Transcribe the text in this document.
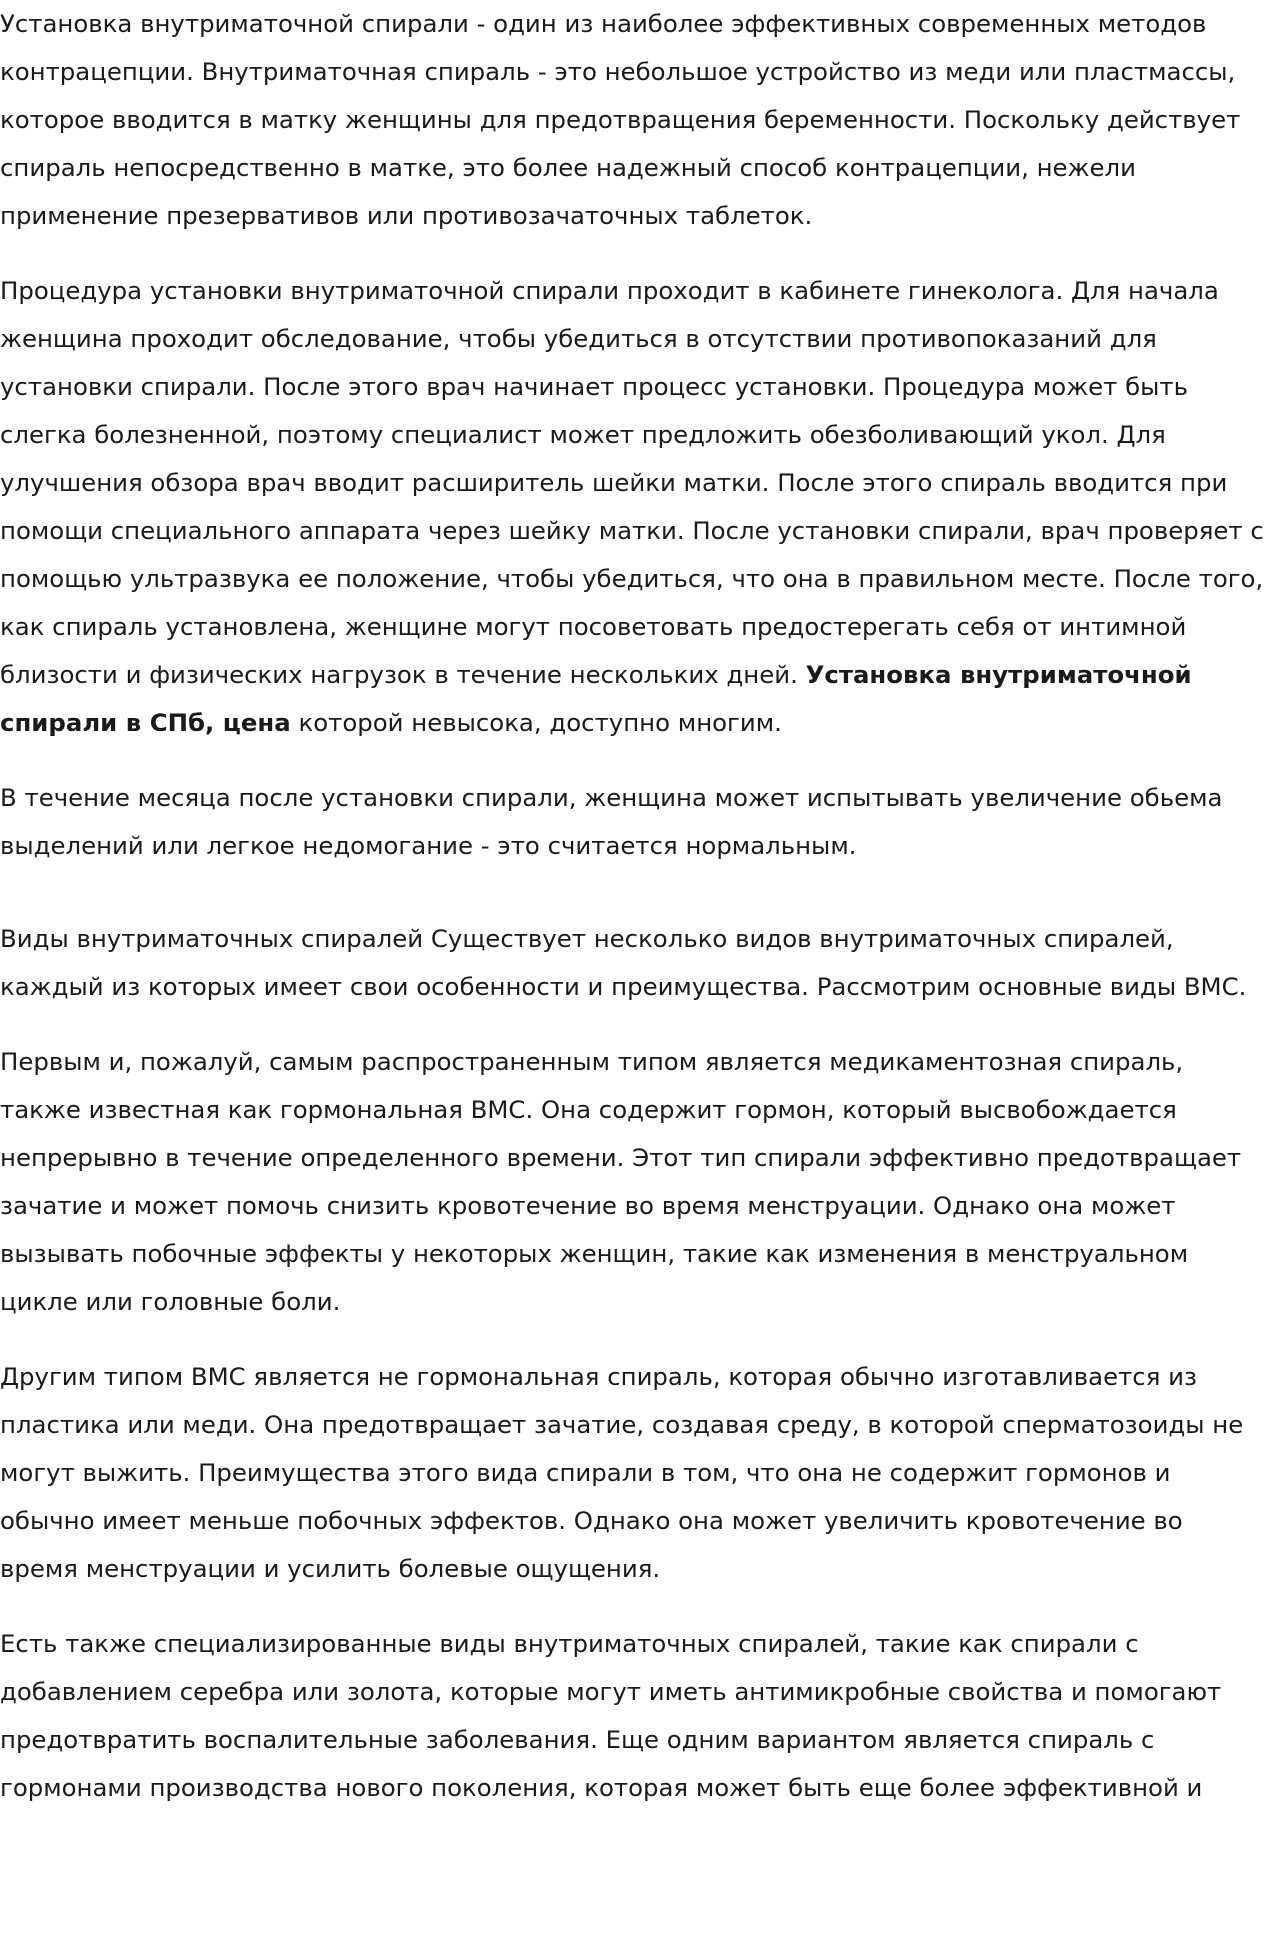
Установка внутриматочной спирали - один из наиболее эффективных современных методов контрацепции. Внутриматочная спираль - это небольшое устройство из меди или пластмассы, которое вводится в матку женщины для предотвращения беременности. Поскольку действует спираль непосредственно в матке, это более надежный способ контрацепции, нежели применение презервативов или противозачаточных таблеток.

Процедура установки внутриматочной спирали проходит в кабинете гинеколога. Для начала женщина проходит обследование, чтобы убедиться в отсутствии противопоказаний для установки спирали. После этого врач начинает процесс установки. Процедура может быть слегка болезненной, поэтому специалист может предложить обезболивающий укол. Для улучшения обзора врач вводит расширитель шейки матки. После этого спираль вводится при помощи специального аппарата через шейку матки. После установки спирали, врач проверяет с помощью ультразвука ее положение, чтобы убедиться, что она в правильном месте. После того, как спираль установлена, женщине могут посоветовать предостерегать себя от интимной близости и физических нагрузок в течение нескольких дней. Установка внутриматочной спирали в СПб, цена которой невысока, доступно многим.

В течение месяца после установки спирали, женщина может испытывать увеличение обьема выделений или легкое недомогание - это считается нормальным.

Виды внутриматочных спиралей Существует несколько видов внутриматочных спиралей, каждый из которых имеет свои особенности и преимущества. Рассмотрим основные виды ВМС.

Первым и, пожалуй, самым распространенным типом является медикаментозная спираль, также известная как гормональная ВМС. Она содержит гормон, который высвобождается непрерывно в течение определенного времени. Этот тип спирали эффективно предотвращает зачатие и может помочь снизить кровотечение во время менструации. Однако она может вызывать побочные эффекты у некоторых женщин, такие как изменения в менструальном цикле или головные боли.

Другим типом ВМС является не гормональная спираль, которая обычно изготавливается из пластика или меди. Она предотвращает зачатие, создавая среду, в которой сперматозоиды не могут выжить. Преимущества этого вида спирали в том, что она не содержит гормонов и обычно имеет меньше побочных эффектов. Однако она может увеличить кровотечение во время менструации и усилить болевые ощущения.

Есть также специализированные виды внутриматочных спиралей, такие как спирали с добавлением серебра или золота, которые могут иметь антимикробные свойства и помогают предотвратить воспалительные заболевания. Еще одним вариантом является спираль с гормонами производства нового поколения, которая может быть еще более эффективной и
